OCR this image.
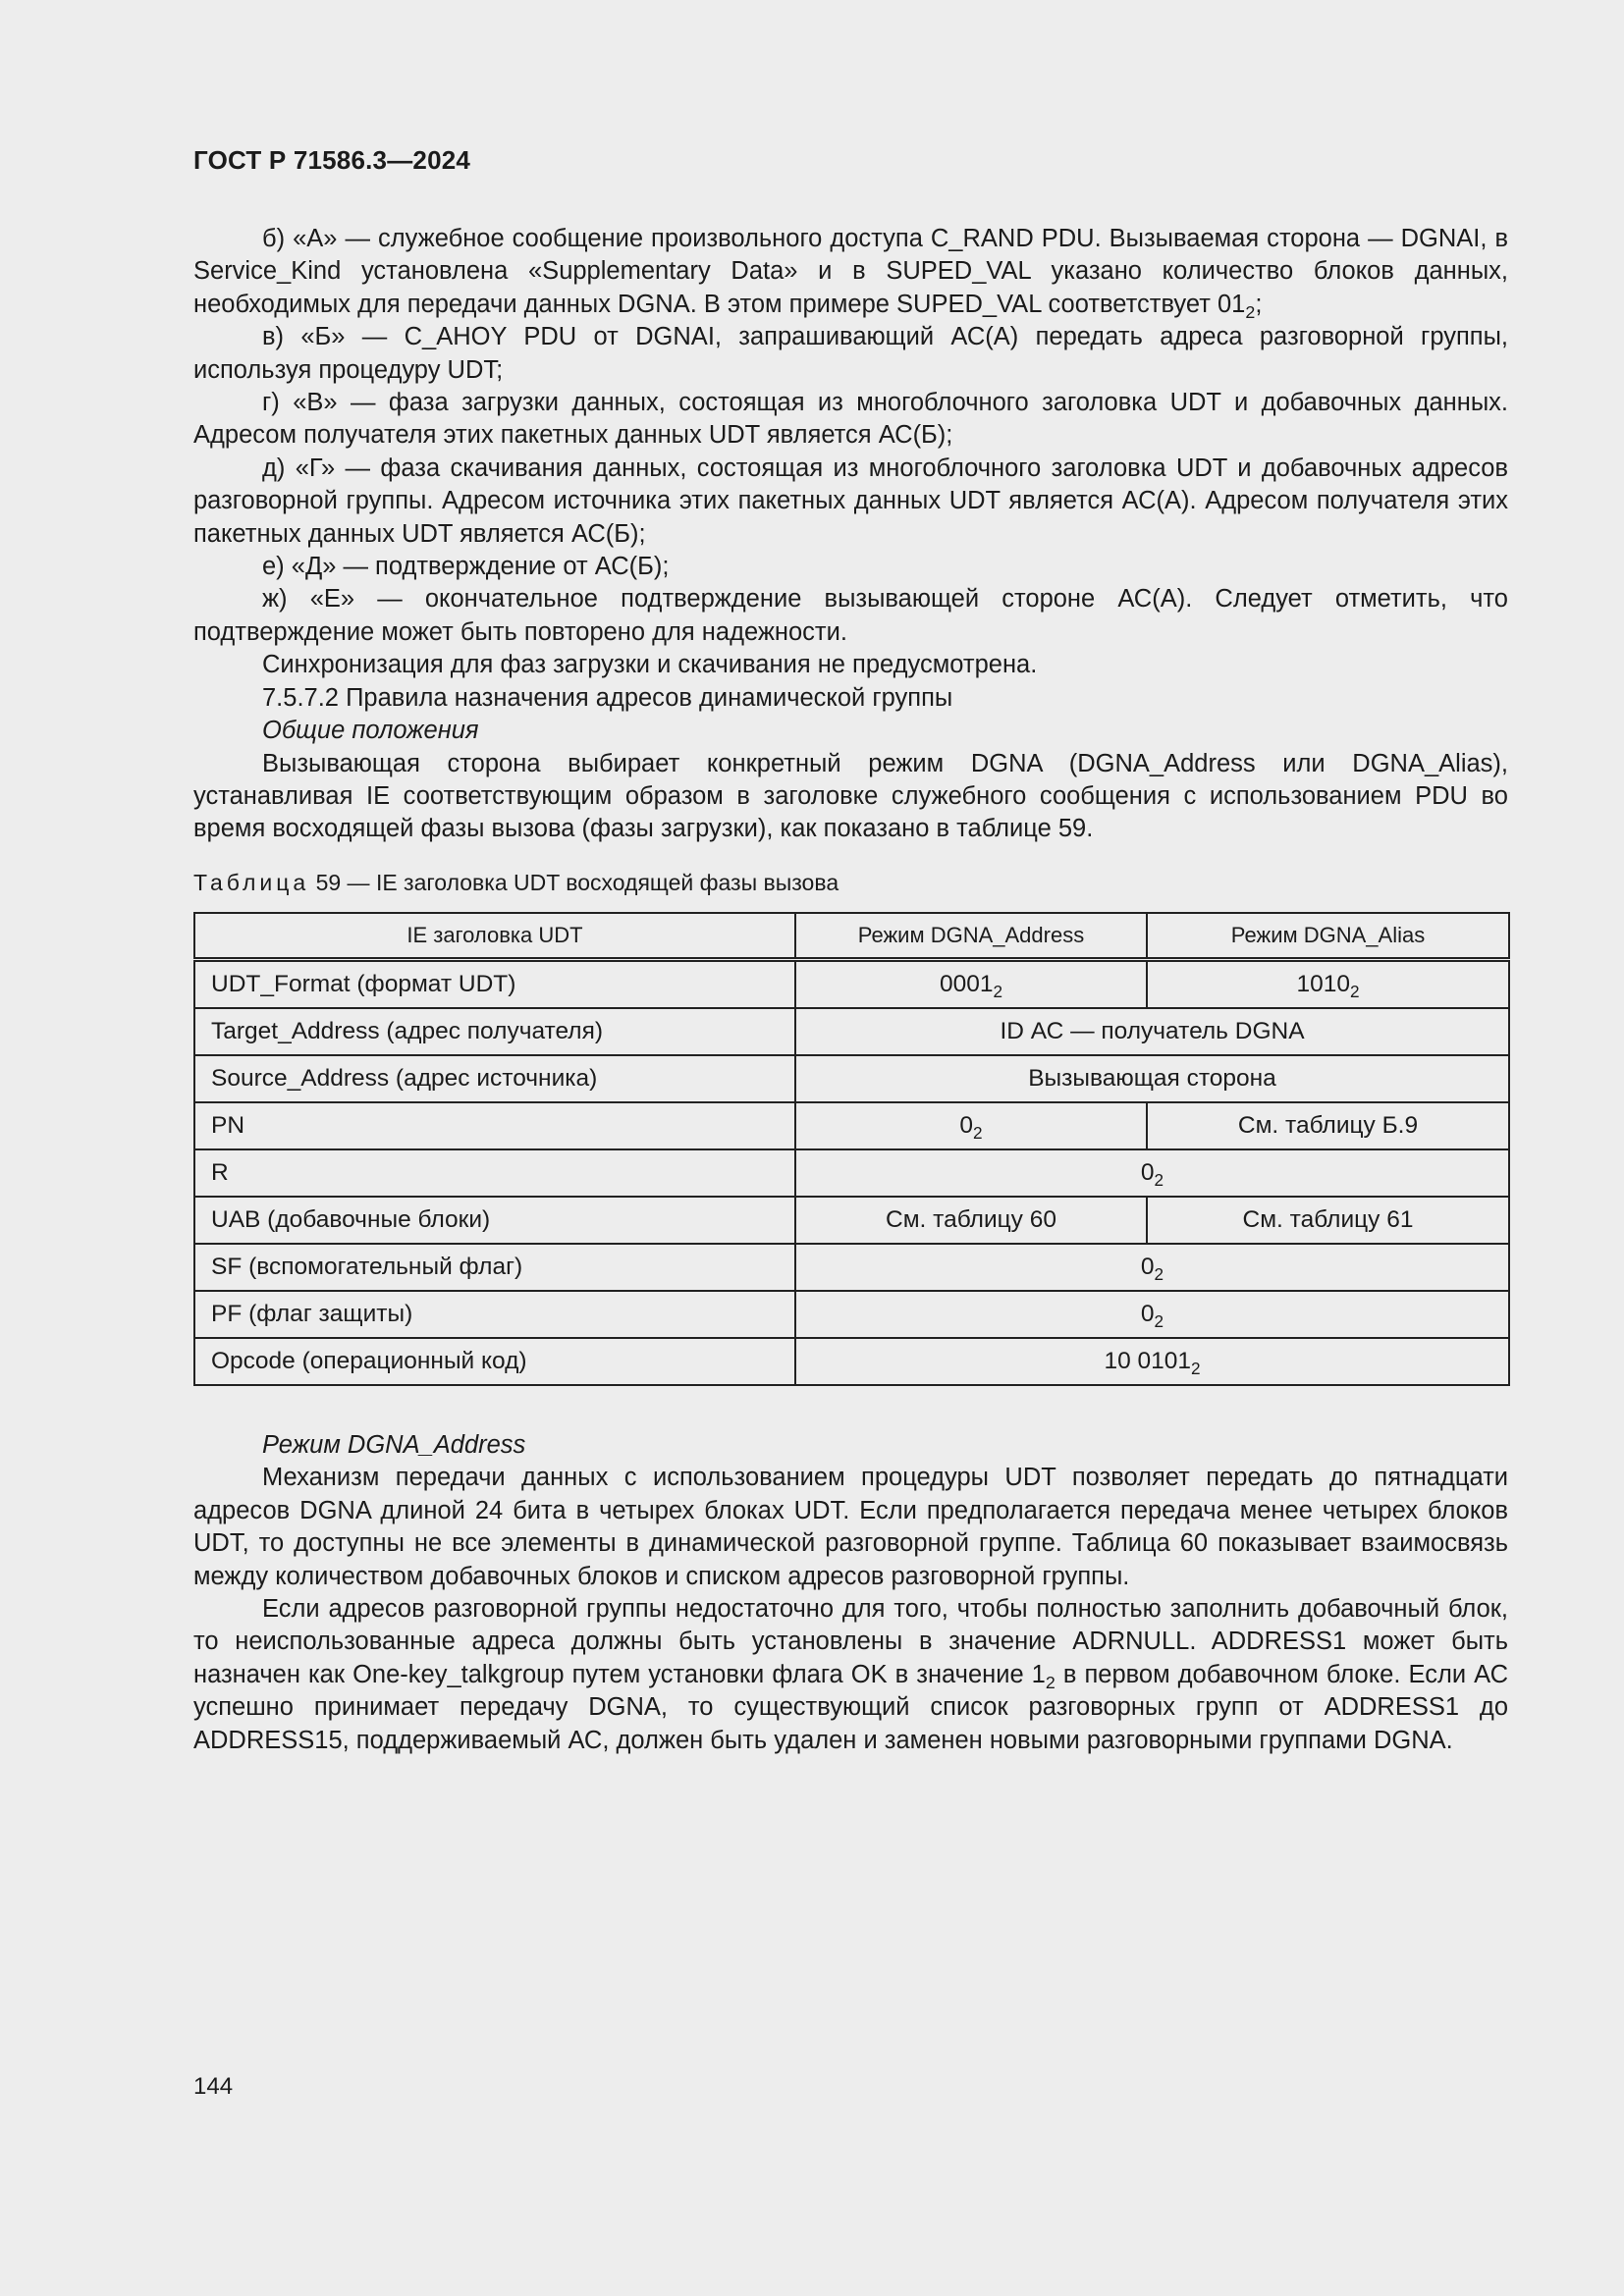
ГОСТ Р 71586.3—2024

б) «А» — служебное сообщение произвольного доступа C_RAND PDU. Вызываемая сторона — DGNAI, в Service_Kind установлена «Supplementary Data» и в SUPED_VAL указано количество блоков данных, необходимых для передачи данных DGNA. В этом примере SUPED_VAL соответствует $01_2$;

в) «Б» — C_AHOY PDU от DGNAI, запрашивающий АС(А) передать адреса разговорной группы, используя процедуру UDT;

г) «В» — фаза загрузки данных, состоящая из многоблочного заголовка UDT и добавочных данных. Адресом получателя этих пакетных данных UDT является АС(Б);

д) «Г» — фаза скачивания данных, состоящая из многоблочного заголовка UDT и добавочных адресов разговорной группы. Адресом источника этих пакетных данных UDT является АС(А). Адресом получателя этих пакетных данных UDT является АС(Б);

е) «Д» — подтверждение от АС(Б);

ж) «Е» — окончательное подтверждение вызывающей стороне АС(А). Следует отметить, что подтверждение может быть повторено для надежности.

Синхронизация для фаз загрузки и скачивания не предусмотрена.

7.5.7.2 Правила назначения адресов динамической группы

Общие положения

Вызывающая сторона выбирает конкретный режим DGNA (DGNA_Address или DGNA_Alias), устанавливая IE соответствующим образом в заголовке служебного сообщения с использованием PDU во время восходящей фазы вызова (фазы загрузки), как показано в таблице 59.

Таблица 59 — IE заголовка UDT восходящей фазы вызова
IE заголовка UDT	Режим DGNA_Address	Режим DGNA_Alias
UDT_Format (формат UDT)	$0001_2$	$1010_2$
Target_Address (адрес получателя)	ID АС — получатель DGNA	
Source_Address (адрес источника)	Вызывающая сторона	
PN	$0_2$	См. таблицу Б.9
R	$0_2$
UAB (добавочные блоки)	См. таблицу 60	См. таблицу 61
SF (вспомогательный флаг)	$0_2$
PF (флаг защиты)	$0_2$
Opcode (операционный код)	10 $0101_2$

Режим DGNA_Address

Механизм передачи данных с использованием процедуры UDT позволяет передать до пятнадцати адресов DGNA длиной 24 бита в четырех блоках UDT. Если предполагается передача менее четырех блоков UDT, то доступны не все элементы в динамической разговорной группе. Таблица 60 показывает взаимосвязь между количеством добавочных блоков и списком адресов разговорной группы.

Если адресов разговорной группы недостаточно для того, чтобы полностью заполнить добавочный блок, то неиспользованные адреса должны быть установлены в значение ADRNULL. ADDRESS1 может быть назначен как One-key_talkgroup путем установки флага OK в значение $1_2$ в первом добавочном блоке. Если АС успешно принимает передачу DGNA, то существующий список разговорных групп от ADDRESS1 до ADDRESS15, поддерживаемый АС, должен быть удален и заменен новыми разговорными группами DGNA.

144
